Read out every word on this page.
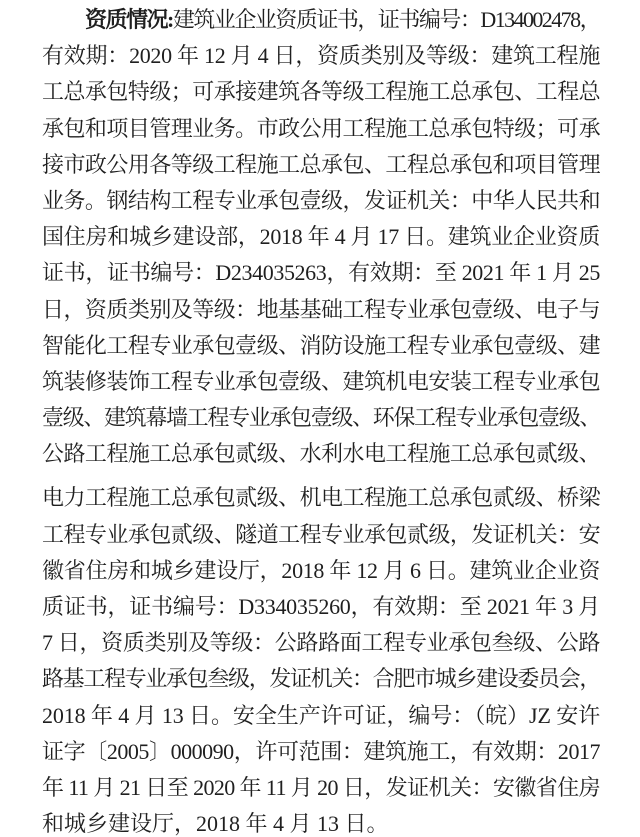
资质情况:建筑业企业资质证书，证书编号：D134002478，
有效期：2020 年 12 月 4 日，资质类别及等级：建筑工程施
工总承包特级；可承接建筑各等级工程施工总承包、工程总
承包和项目管理业务。市政公用工程施工总承包特级；可承
接市政公用各等级工程施工总承包、工程总承包和项目管理
业务。钢结构工程专业承包壹级，发证机关：中华人民共和
国住房和城乡建设部，2018 年 4 月 17 日。建筑业企业资质
证书，证书编号：D234035263，有效期：至 2021 年 1 月 25
日，资质类别及等级：地基基础工程专业承包壹级、电子与
智能化工程专业承包壹级、消防设施工程专业承包壹级、建
筑装修装饰工程专业承包壹级、建筑机电安装工程专业承包
壹级、建筑幕墙工程专业承包壹级、环保工程专业承包壹级、
公路工程施工总承包贰级、水利水电工程施工总承包贰级、
电力工程施工总承包贰级、机电工程施工总承包贰级、桥梁
工程专业承包贰级、隧道工程专业承包贰级，发证机关：安
徽省住房和城乡建设厅，2018 年 12 月 6 日。建筑业企业资
质证书，证书编号：D334035260，有效期：至 2021 年 3 月
7 日，资质类别及等级：公路路面工程专业承包叁级、公路
路基工程专业承包叁级，发证机关：合肥市城乡建设委员会，
2018 年 4 月 13 日。安全生产许可证，编号：（皖）JZ 安许
证字〔2005〕000090，许可范围：建筑施工，有效期：2017
年 11 月 21 日至 2020 年 11 月 20 日，发证机关：安徽省住房
和城乡建设厅，2018 年 4 月 13 日。
